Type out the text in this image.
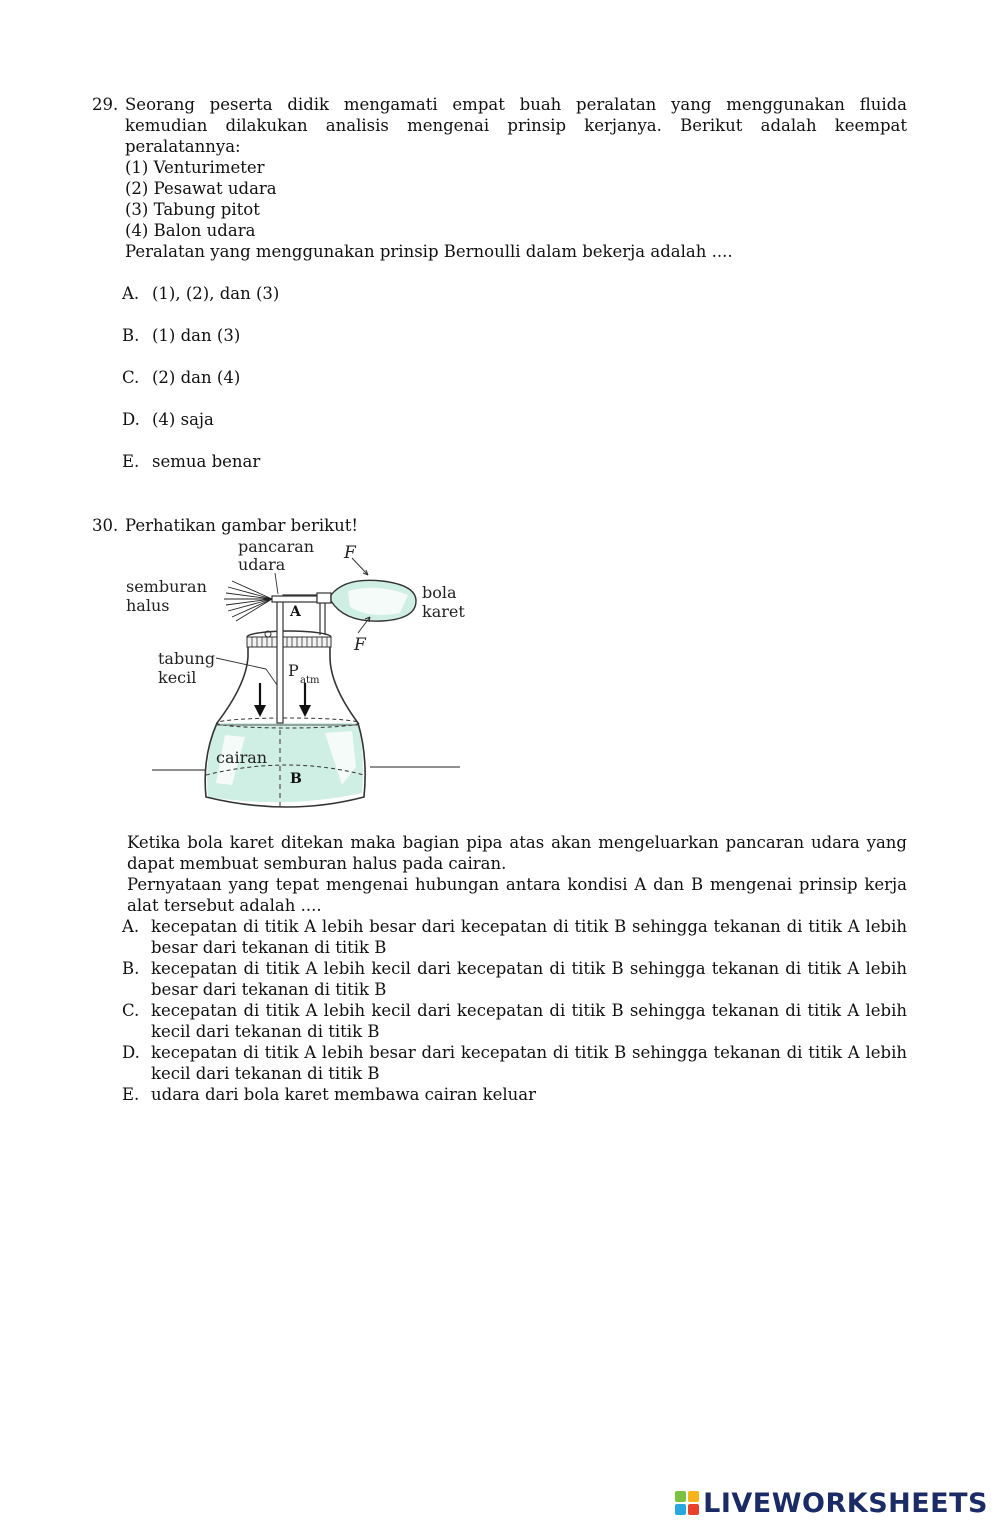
29. Seorang peserta didik mengamati empat buah peralatan yang menggunakan fluida kemudian dilakukan analisis mengenai prinsip kerjanya. Berikut adalah keempat peralatannya:
(1) Venturimeter
(2) Pesawat udara
(3) Tabung pitot
(4) Balon udara
Peralatan yang menggunakan prinsip Bernoulli dalam bekerja adalah ....
A. (1), (2), dan (3)
B. (1) dan (3)
C. (2) dan (4)
D. (4) saja
E. semua benar
30. Perhatikan gambar berikut!
pancaran
udara
F
semburan
halus
bola
karet
A
F
tabung
kecil	P
atm
cairan
B
Ketika bola karet ditekan maka bagian pipa atas akan mengeluarkan pancaran udara yang dapat membuat semburan halus pada cairan.
Pernyataan yang tepat mengenai hubungan antara kondisi A dan B mengenai prinsip kerja alat tersebut adalah ....
A. kecepatan di titik A lebih besar dari kecepatan di titik B sehingga tekanan di titik A lebih besar dari tekanan di titik B
B. kecepatan di titik A lebih kecil dari kecepatan di titik B sehingga tekanan di titik A lebih besar dari tekanan di titik B
C. kecepatan di titik A lebih kecil dari kecepatan di titik B sehingga tekanan di titik A lebih kecil dari tekanan di titik B
D. kecepatan di titik A lebih besar dari kecepatan di titik B sehingga tekanan di titik A lebih kecil dari tekanan di titik B
E. udara dari bola karet membawa cairan keluar
LIVEWORKSHEETS
